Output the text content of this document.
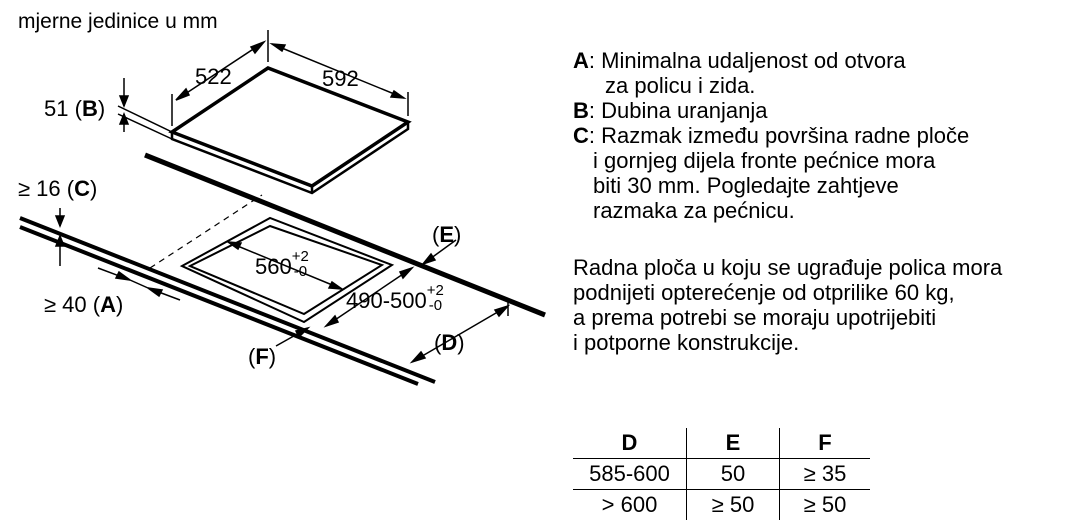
mjerne jedinice u mm
522	592
51 (B)
≥ 16 (C)
≥ 40 (A)
560 +2
-0
490-500 +2
-0
(E)
(D)
(F)
A: Minimalna udaljenost od otvora
za policu i zida.
B: Dubina uranjanja
C: Razmak između površina radne ploče
i gornjeg dijela fronte pećnice mora
biti 30 mm. Pogledajte zahtjeve
razmaka za pećnicu.
Radna ploča u koju se ugrađuje polica mora
podnijeti opterećenje od otprilike 60 kg,
a prema potrebi se moraju upotrijebiti
i potporne konstrukcije.
D	E	F
585-600	50	≥ 35
> 600	≥ 50	≥ 50
